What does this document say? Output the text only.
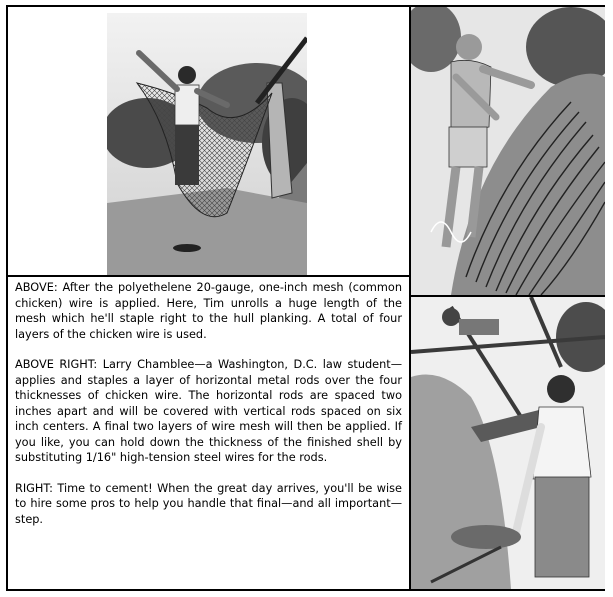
ABOVE: After the polyethelene 20-gauge, one-inch mesh (common chicken) wire is applied. Here, Tim unrolls a huge length of the mesh which he'll staple right to the hull planking. A total of four layers of the chicken wire is used.

ABOVE RIGHT: Larry Chamblee—a Washington, D.C. law student—applies and staples a layer of horizontal metal rods over the four thicknesses of chicken wire. The horizontal rods are spaced two inches apart and will be covered with vertical rods spaced on six inch centers. A final two layers of wire mesh will then be applied. If you like, you can hold down the thickness of the finished shell by substituting 1/16" high-tension steel wires for the rods.

RIGHT: Time to cement! When the great day arrives, you'll be wise to hire some pros to help you handle that final—and all important—step.
